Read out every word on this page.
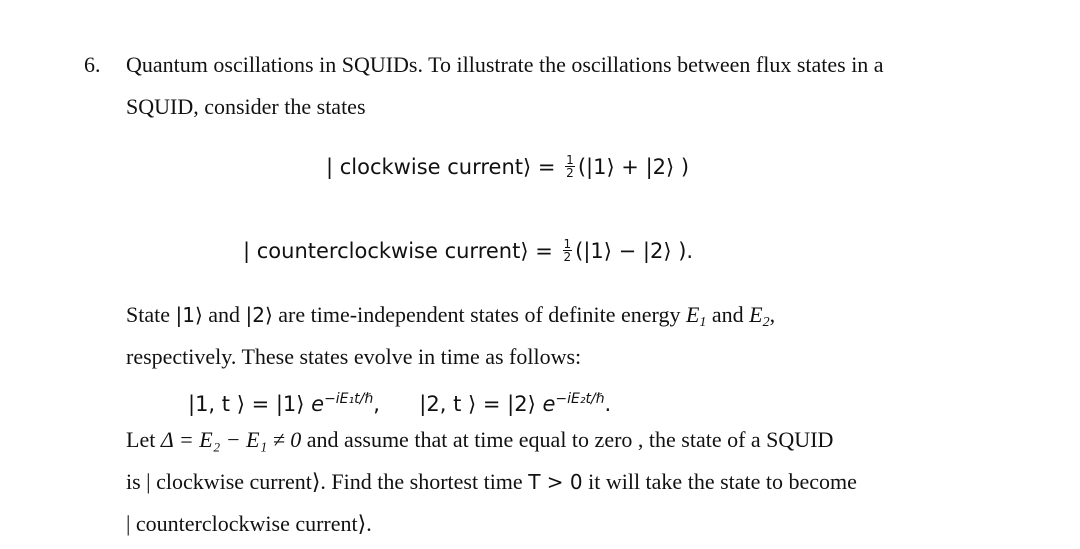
6. Quantum oscillations in SQUIDs. To illustrate the oscillations between flux states in a
SQUID, consider the states
| clockwise current⟩ = $\frac{1}{2}$ (|1⟩ + |2⟩ )
| counterclockwise current⟩ = $\frac{1}{2}$ (|1⟩ − |2⟩ ).
State |1⟩ and |2⟩ are time-independent states of definite energy $E_1$ and $E_2$,
respectively. These states evolve in time as follows:
|1, t ⟩ = |1⟩ $e^{-iE_1t/\hbar}$, |2, t ⟩ = |2⟩ $e^{-iE_2t/\hbar}$.
Let Δ = E₂ − E₁ ≠ 0 and assume that at time equal to zero , the state of a SQUID
is | clockwise current⟩. Find the shortest time T > 0 it will take the state to become
| counterclockwise current⟩.
